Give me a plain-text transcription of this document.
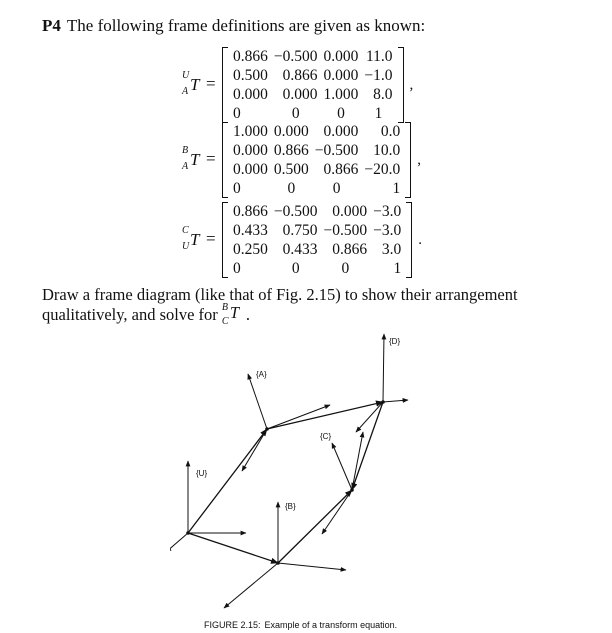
P4 The following frame definitions are given as known:
U T
A =
0.866	−0.500	0.000	11.0
0.500	0.866	0.000	−1.0
0.000	0.000	1.000	8.0
0	0	0	1
,
B T
A =
1.000	0.000	0.000	0.0
0.000	0.866	−0.500	10.0
0.000	0.500	0.866	−20.0
0	0	0	1
,
C T
U =
0.866	−0.500	0.000	−3.0
0.433	0.750	−0.500	−3.0
0.250	0.433	0.866	3.0
0	0	0	1
.
Draw a frame diagram (like that of Fig. 2.15) to show their arrangement qualitatively, and solve for B T
C .
{U}
{A}
{B}
{C}
{D}
FIGURE 2.15: Example of a transform equation.
